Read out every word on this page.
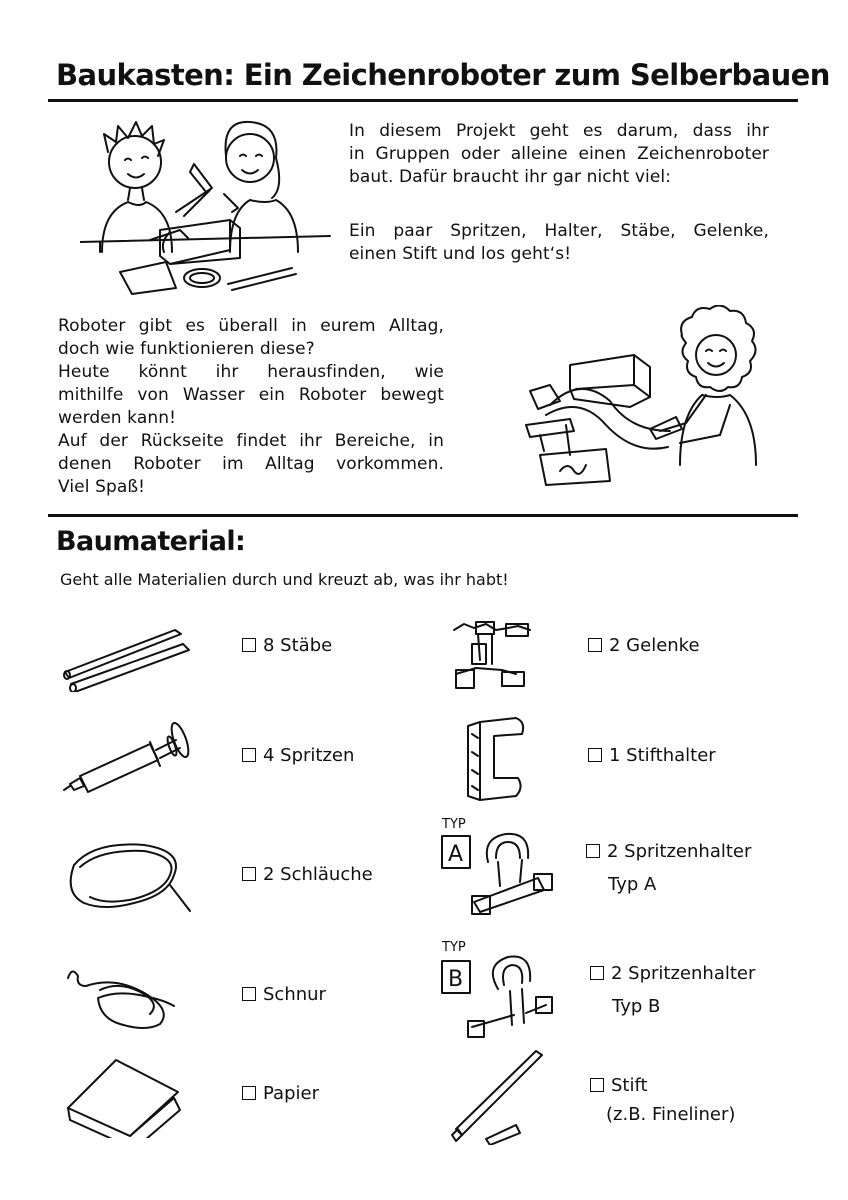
Baukasten: Ein Zeichenroboter zum Selberbauen
In diesem Projekt geht es darum, dass ihr
in Gruppen oder alleine einen Zeichenroboter
baut. Dafür braucht ihr gar nicht viel:
Ein paar Spritzen, Halter, Stäbe, Gelenke,
einen Stift und los geht‘s!
Roboter gibt es überall in eurem Alltag,
doch wie funktionieren diese?
Heute könnt ihr herausfinden, wie
mithilfe von Wasser ein Roboter bewegt
werden kann!
Auf der Rückseite findet ihr Bereiche, in
denen Roboter im Alltag vorkommen.
Viel Spaß!
Baumaterial:
Geht alle Materialien durch und kreuzt ab, was ihr habt!
8 Stäbe
4 Spritzen
2 Schläuche
Schnur
Papier
TYP
A
TYP
B
2 Gelenke
1 Stifthalter
2 Spritzenhalter
Typ A
2 Spritzenhalter
Typ B
Stift
(z.B. Fineliner)
